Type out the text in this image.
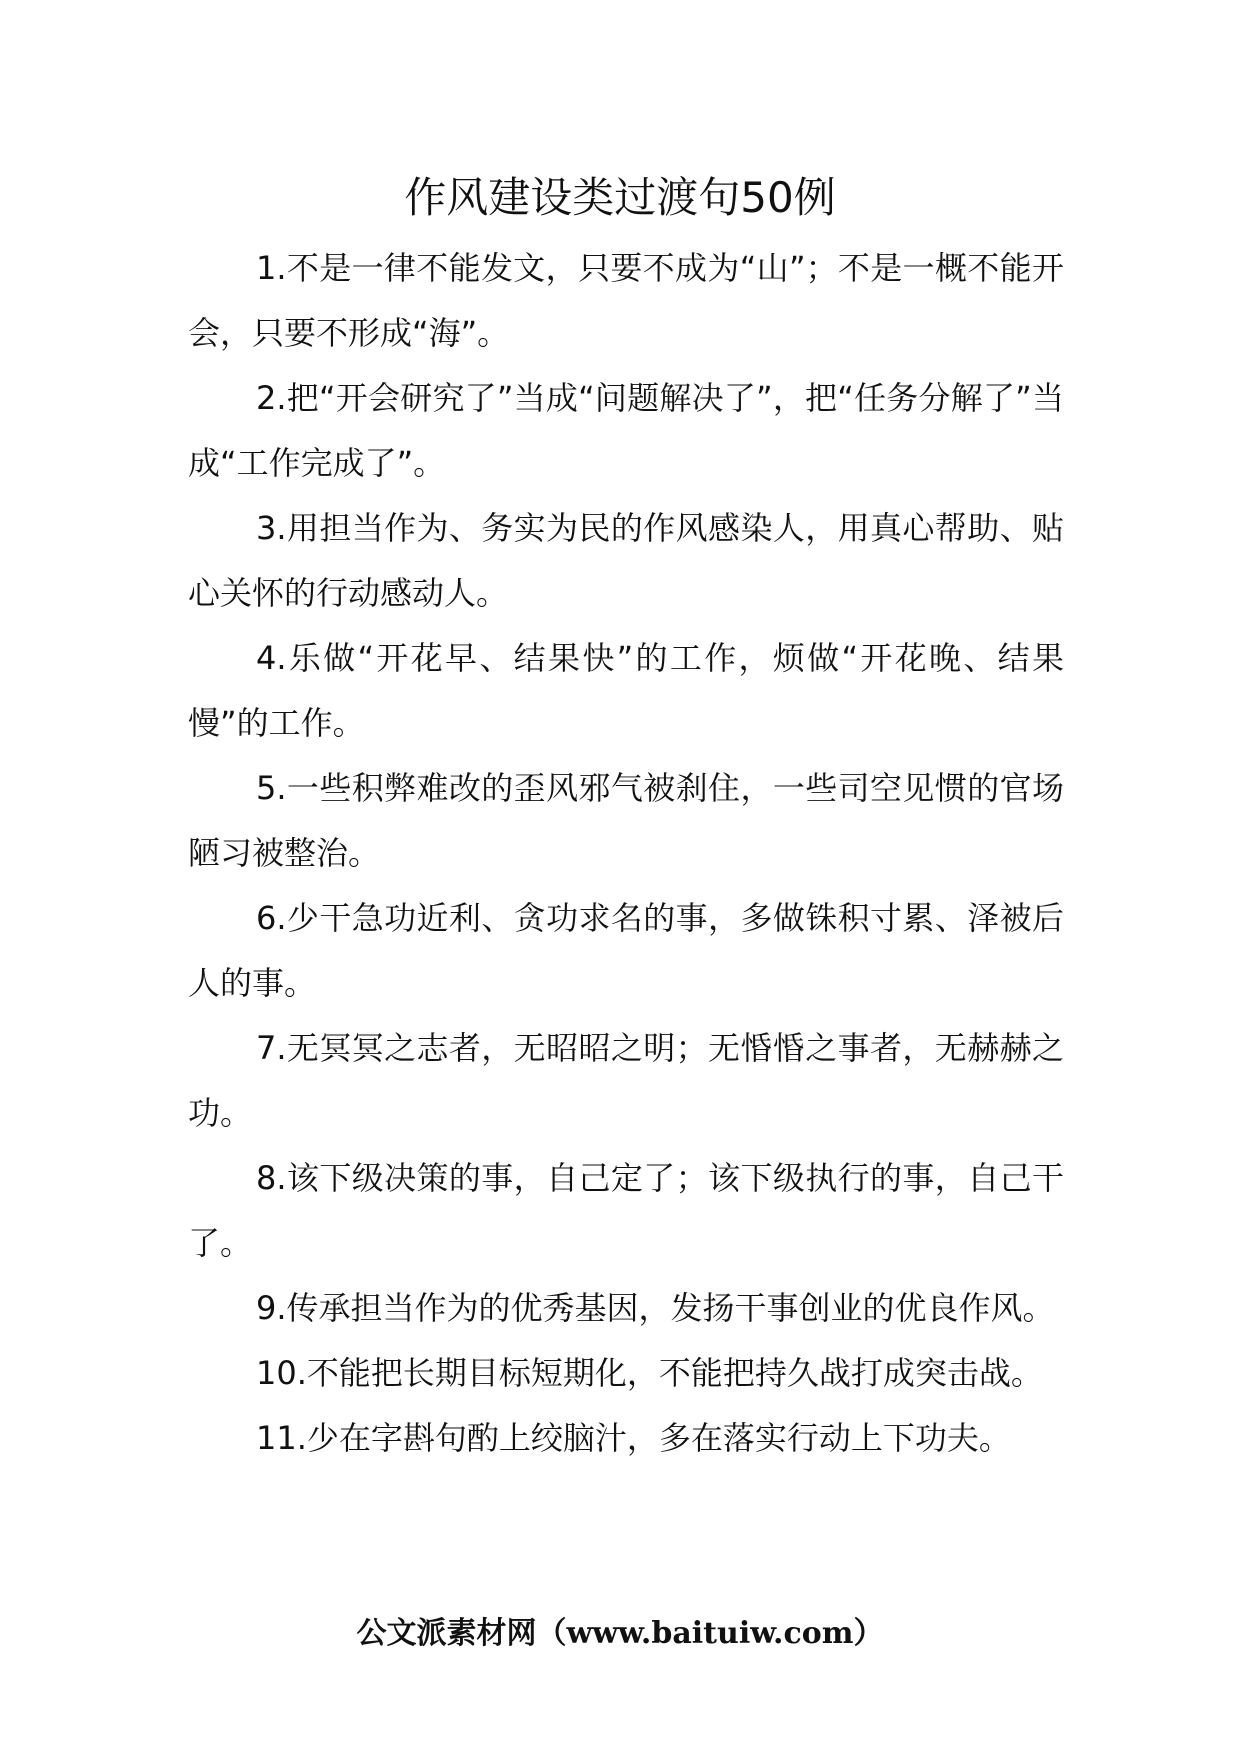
作风建设类过渡句50例

1.不是一律不能发文，只要不成为“山”；不是一概不能开会，只要不形成“海”。

2.把“开会研究了”当成“问题解决了”，把“任务分解了”当成“工作完成了”。

3.用担当作为、务实为民的作风感染人，用真心帮助、贴心关怀的行动感动人。

4.乐做“开花早、结果快”的工作，烦做“开花晚、结果慢”的工作。

5.一些积弊难改的歪风邪气被刹住，一些司空见惯的官场陋习被整治。

6.少干急功近利、贪功求名的事，多做铢积寸累、泽被后人的事。

7.无冥冥之志者，无昭昭之明；无惛惛之事者，无赫赫之功。

8.该下级决策的事，自己定了；该下级执行的事，自己干了。

9.传承担当作为的优秀基因，发扬干事创业的优良作风。

10.不能把长期目标短期化，不能把持久战打成突击战。

11.少在字斟句酌上绞脑汁，多在落实行动上下功夫。

公文派素材网（www.baituiw.com）
